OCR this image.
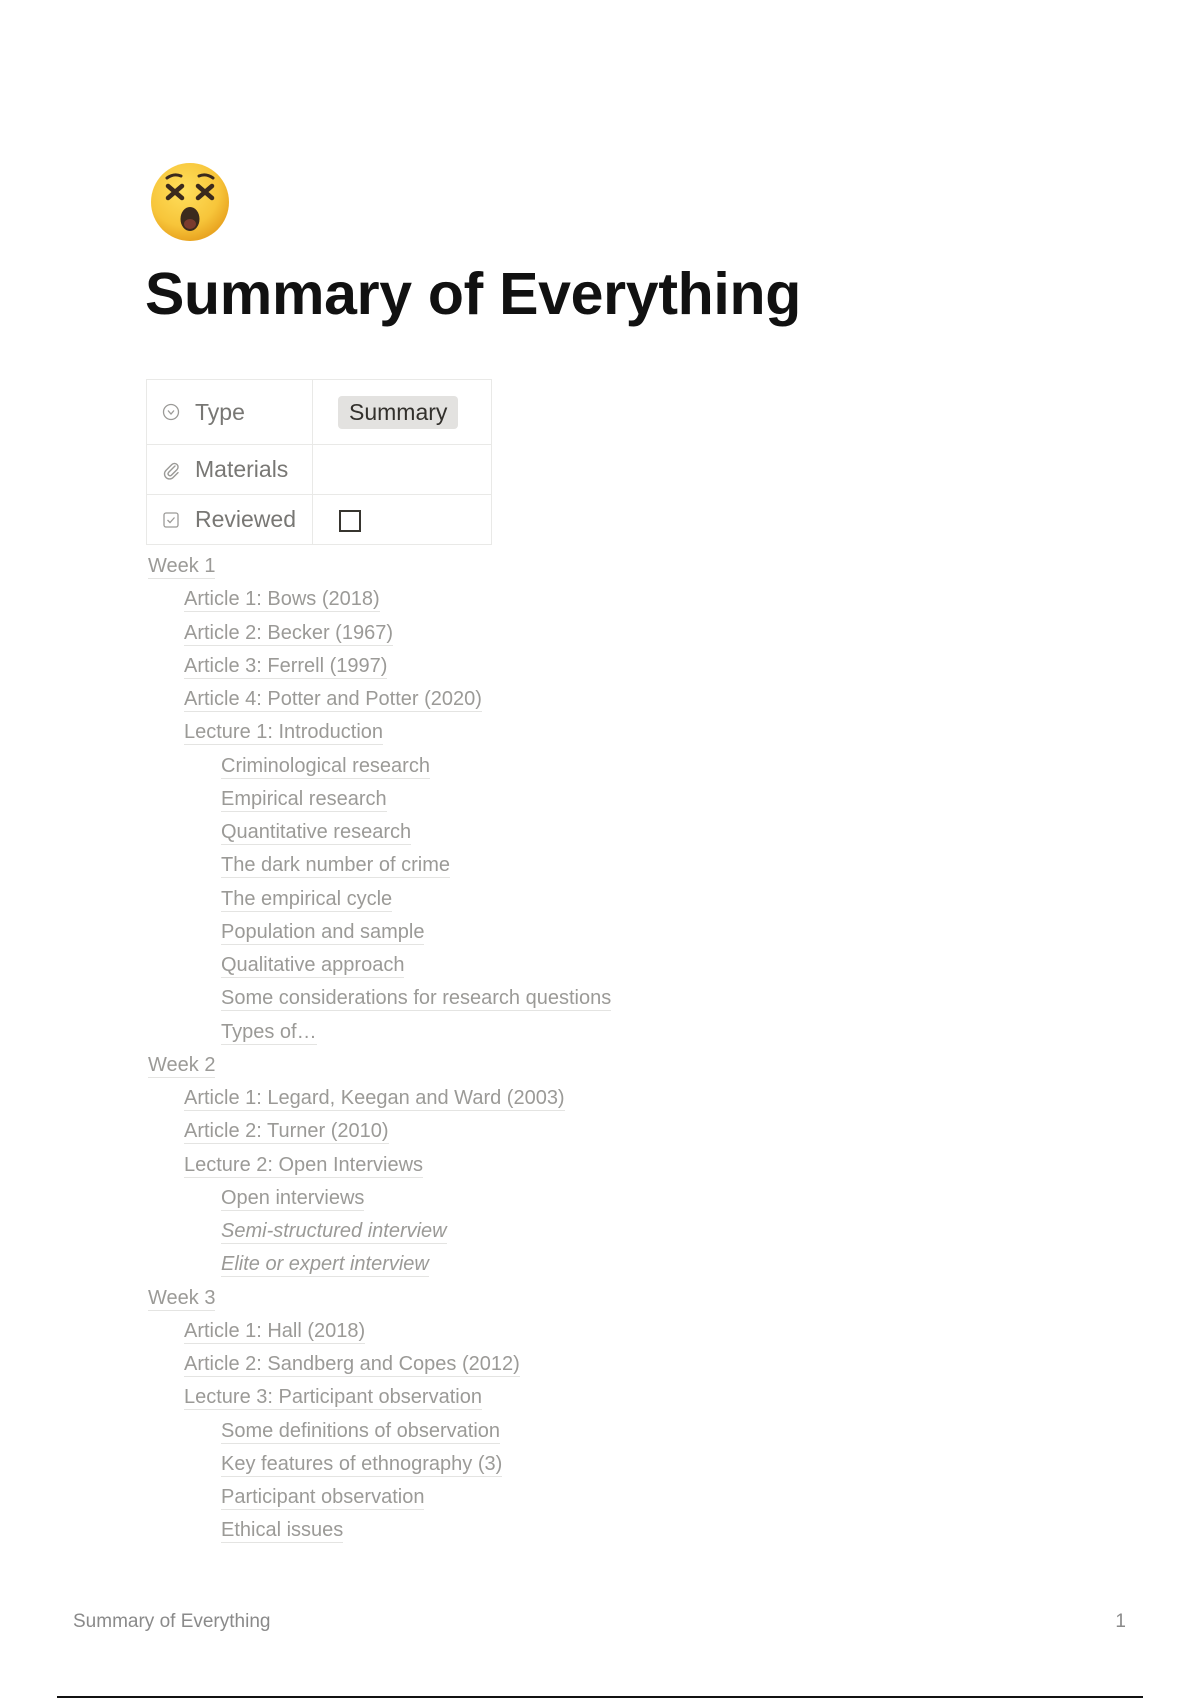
Summary of Everything
Type	Summary

Materials	

Reviewed	

Week 1
Article 1: Bows (2018)
Article 2: Becker (1967)
Article 3: Ferrell (1997)
Article 4: Potter and Potter (2020)
Lecture 1: Introduction
Criminological research
Empirical research
Quantitative research
The dark number of crime
The empirical cycle
Population and sample
Qualitative approach
Some considerations for research questions
Types of…
Week 2
Article 1: Legard, Keegan and Ward (2003)
Article 2: Turner (2010)
Lecture 2: Open Interviews
Open interviews
Semi-structured interview
Elite or expert interview
Week 3
Article 1: Hall (2018)
Article 2: Sandberg and Copes (2012)
Lecture 3: Participant observation
Some definitions of observation
Key features of ethnography (3)
Participant observation
Ethical issues
Summary of Everything	1
